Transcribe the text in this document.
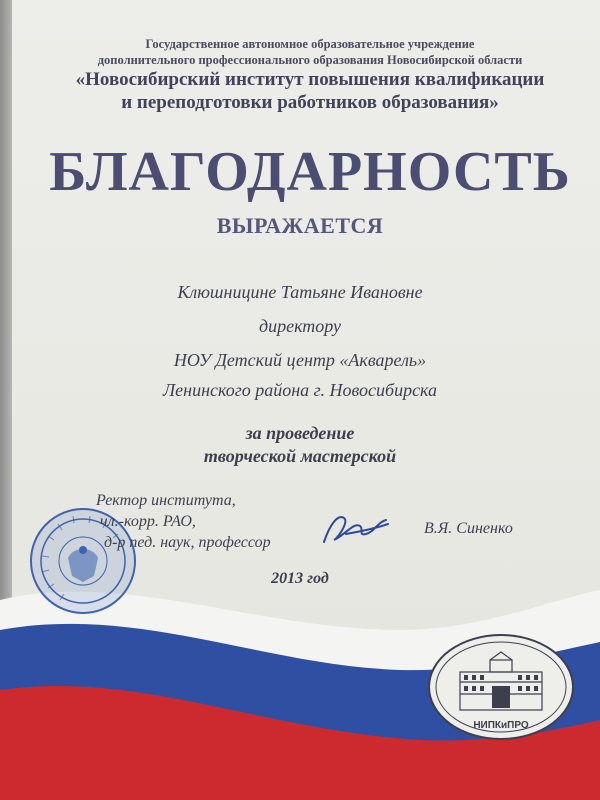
Государственное автономное образовательное учреждение
дополнительного профессионального образования Новосибирской области
«Новосибирский институт повышения квалификации
и переподготовки работников образования»
БЛАГОДАРНОСТЬ
ВЫРАЖАЕТСЯ
Клюшницине Татьяне Ивановне
директору
НОУ Детский центр «Акварель»
Ленинского района г. Новосибирска
за проведение
творческой мастерской
Ректор института,
чл.-корр. РАО,
д-р пед. наук, профессор
В.Я. Синенко
2013 год
НИПКиПРО
